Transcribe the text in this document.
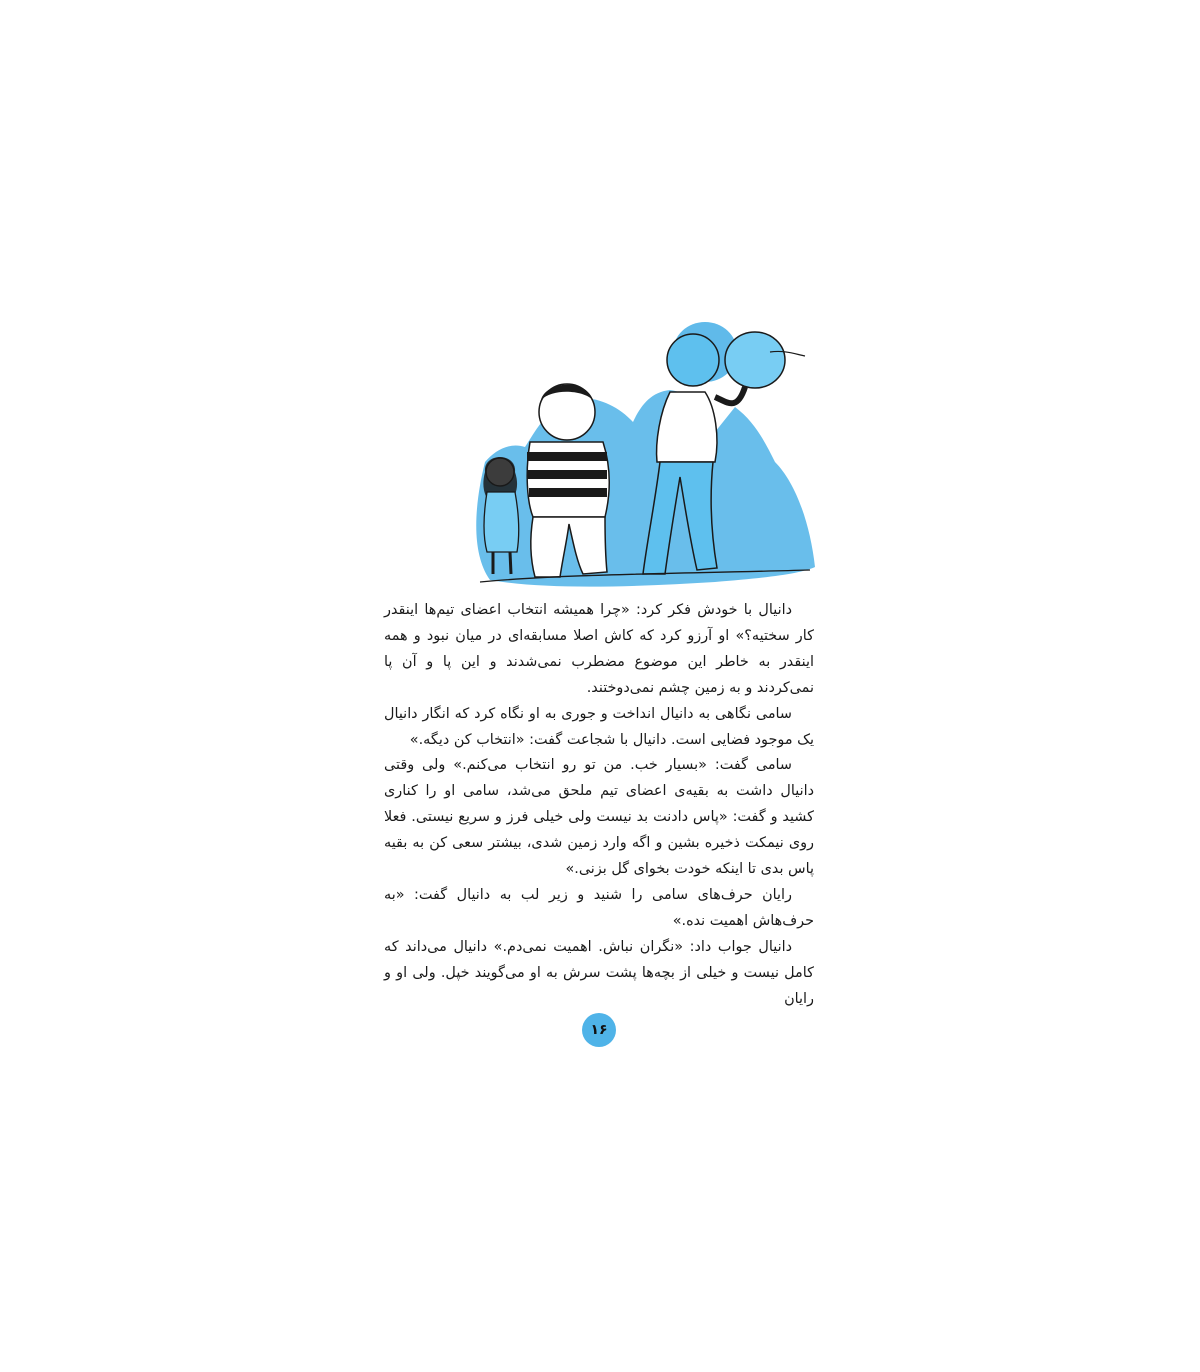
دانیال با خودش فکر کرد: «چرا همیشه انتخاب اعضای تیم‌ها اینقدر کار سختیه؟» او آرزو کرد که کاش اصلا مسابقه‌ای در میان نبود و همه اینقدر به خاطر این موضوع مضطرب نمی‌شدند و این پا و آن پا نمی‌کردند و به زمین چشم نمی‌دوختند.

سامی نگاهی به دانیال انداخت و جوری به او نگاه کرد که انگار دانیال یک موجود فضایی است. دانیال با شجاعت گفت: «انتخاب کن دیگه.»

سامی گفت: «بسیار خب. من تو رو انتخاب می‌کنم.» ولی وقتی دانیال داشت به بقیه‌ی اعضای تیم ملحق می‌شد، سامی او را کناری کشید و گفت: «پاس دادنت بد نیست ولی خیلی فرز و سریع نیستی. فعلا روی نیمکت ذخیره بشین و اگه وارد زمین شدی، بیشتر سعی کن به بقیه پاس بدی تا اینکه خودت بخوای گل بزنی.»

رایان حرف‌های سامی را شنید و زیر لب به دانیال گفت: «به حرف‌هاش اهمیت نده.»

دانیال جواب داد: «نگران نباش. اهمیت نمی‌دم.» دانیال می‌داند که کامل نیست و خیلی از بچه‌ها پشت سرش به او می‌گویند خپل. ولی او و رایان

۱۶
